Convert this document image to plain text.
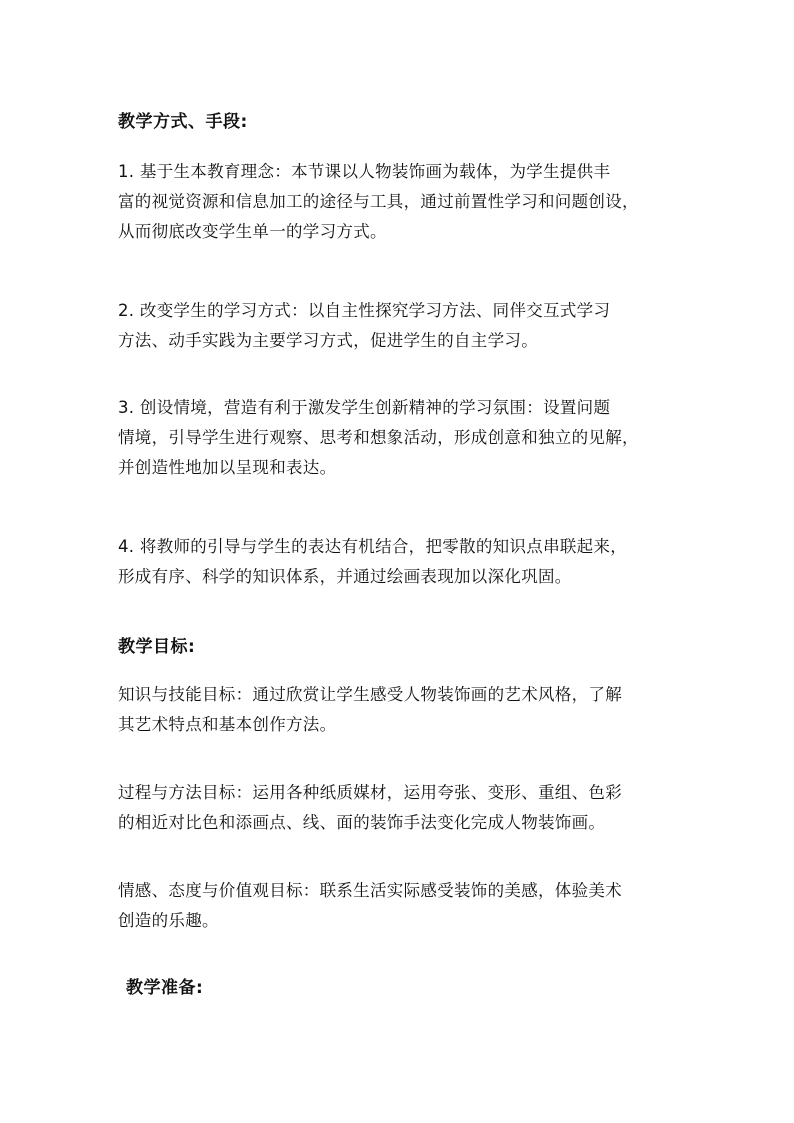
教学方式、手段:
1. 基于生本教育理念：本节课以人物装饰画为载体，为学生提供丰
富的视觉资源和信息加工的途径与工具，通过前置性学习和问题创设，
从而彻底改变学生单一的学习方式。
2. 改变学生的学习方式：以自主性探究学习方法、同伴交互式学习
方法、动手实践为主要学习方式，促进学生的自主学习。
3. 创设情境，营造有利于激发学生创新精神的学习氛围：设置问题
情境，引导学生进行观察、思考和想象活动，形成创意和独立的见解，
并创造性地加以呈现和表达。
4. 将教师的引导与学生的表达有机结合，把零散的知识点串联起来，
形成有序、科学的知识体系，并通过绘画表现加以深化巩固。
教学目标:
知识与技能目标：通过欣赏让学生感受人物装饰画的艺术风格，了解
其艺术特点和基本创作方法。
过程与方法目标：运用各种纸质媒材，运用夸张、变形、重组、色彩
的相近对比色和添画点、线、面的装饰手法变化完成人物装饰画。
情感、态度与价值观目标：联系生活实际感受装饰的美感，体验美术
创造的乐趣。
教学准备:
